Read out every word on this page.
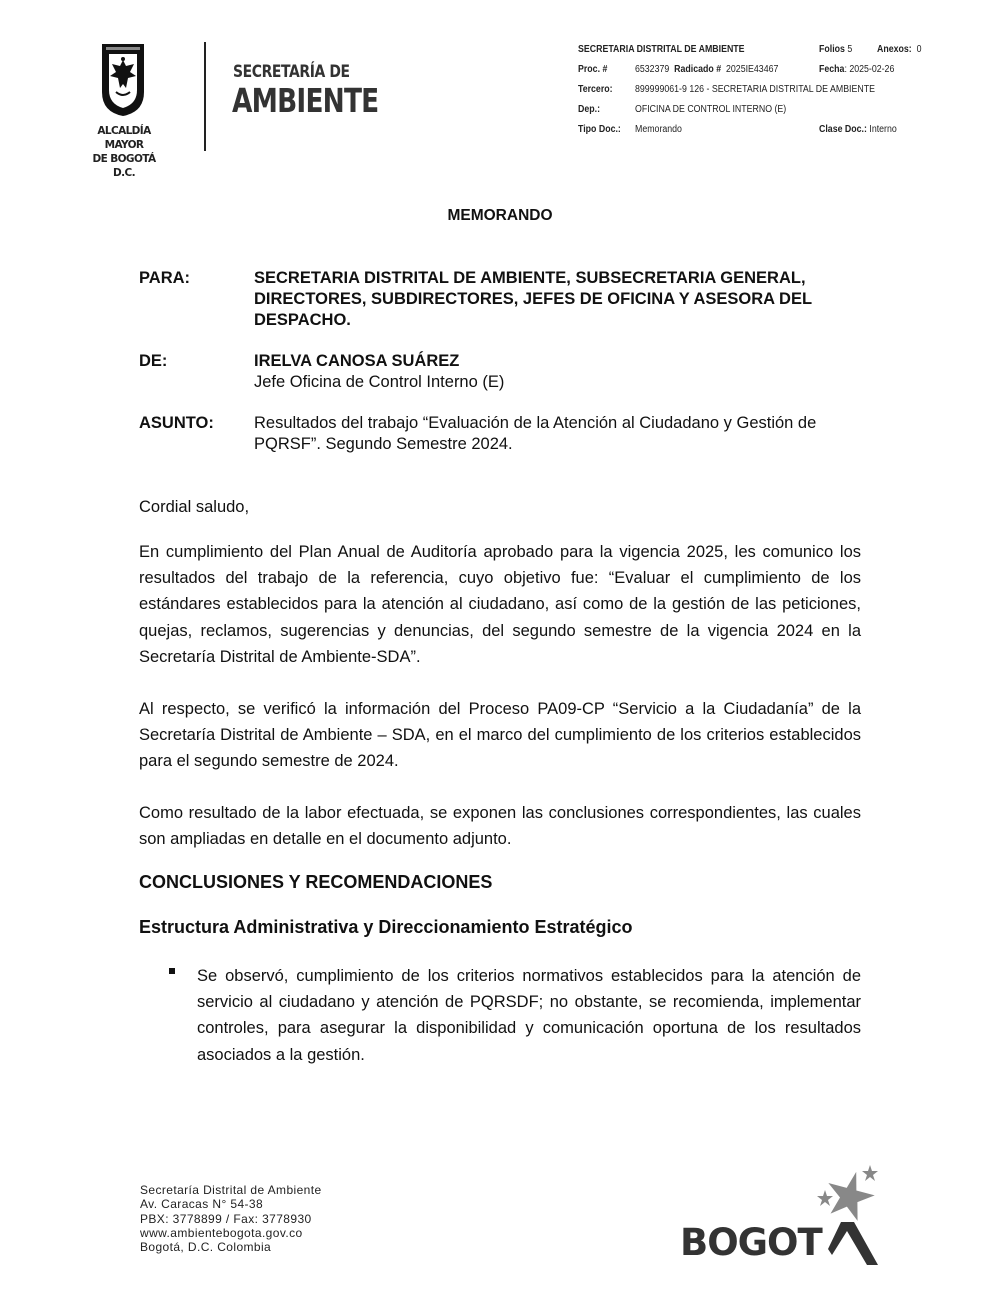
ALCALDÍA MAYOR
DE BOGOTÁ D.C.
SECRETARÍA DE
AMBIENTE
SECRETARIA DISTRITAL DE AMBIENTE	Folios 5 Anexos: 0
Proc. #	6532379 Radicado # 2025IE43467	Fecha: 2025-02-26
Tercero: 899999061-9 126 - SECRETARIA DISTRITAL DE AMBIENTE
Dep.:	OFICINA DE CONTROL INTERNO (E)
Tipo Doc.: Memorando	Clase Doc.: Interno
MEMORANDO
PARA:	SECRETARIA DISTRITAL DE AMBIENTE, SUBSECRETARIA GENERAL,
DIRECTORES, SUBDIRECTORES, JEFES DE OFICINA Y ASESORA DEL
DESPACHO.
DE:	IRELVA CANOSA SUÁREZ
Jefe Oficina de Control Interno (E)
ASUNTO: Resultados del trabajo “Evaluación de la Atención al Ciudadano y Gestión de
PQRSF”. Segundo Semestre 2024.
Cordial saludo,
En cumplimiento del Plan Anual de Auditoría aprobado para la vigencia 2025, les comunico los resultados del trabajo de la referencia, cuyo objetivo fue: “Evaluar el cumplimiento de los estándares establecidos para la atención al ciudadano, así como de la gestión de las peticiones, quejas, reclamos, sugerencias y denuncias, del segundo semestre de la vigencia 2024 en la Secretaría Distrital de Ambiente-SDA”.
Al respecto, se verificó la información del Proceso PA09-CP “Servicio a la Ciudadanía” de la Secretaría Distrital de Ambiente – SDA, en el marco del cumplimiento de los criterios establecidos para el segundo semestre de 2024.
Como resultado de la labor efectuada, se exponen las conclusiones correspondientes, las cuales son ampliadas en detalle en el documento adjunto.
CONCLUSIONES Y RECOMENDACIONES
Estructura Administrativa y Direccionamiento Estratégico
Se observó, cumplimiento de los criterios normativos establecidos para la atención de servicio al ciudadano y atención de PQRSDF; no obstante, se recomienda, implementar controles, para asegurar la disponibilidad y comunicación oportuna de los resultados asociados a la gestión.
Secretaría Distrital de Ambiente
Av. Caracas N° 54-38
PBX: 3778899 / Fax: 3778930
www.ambientebogota.gov.co
Bogotá, D.C. Colombia	BOGOT
